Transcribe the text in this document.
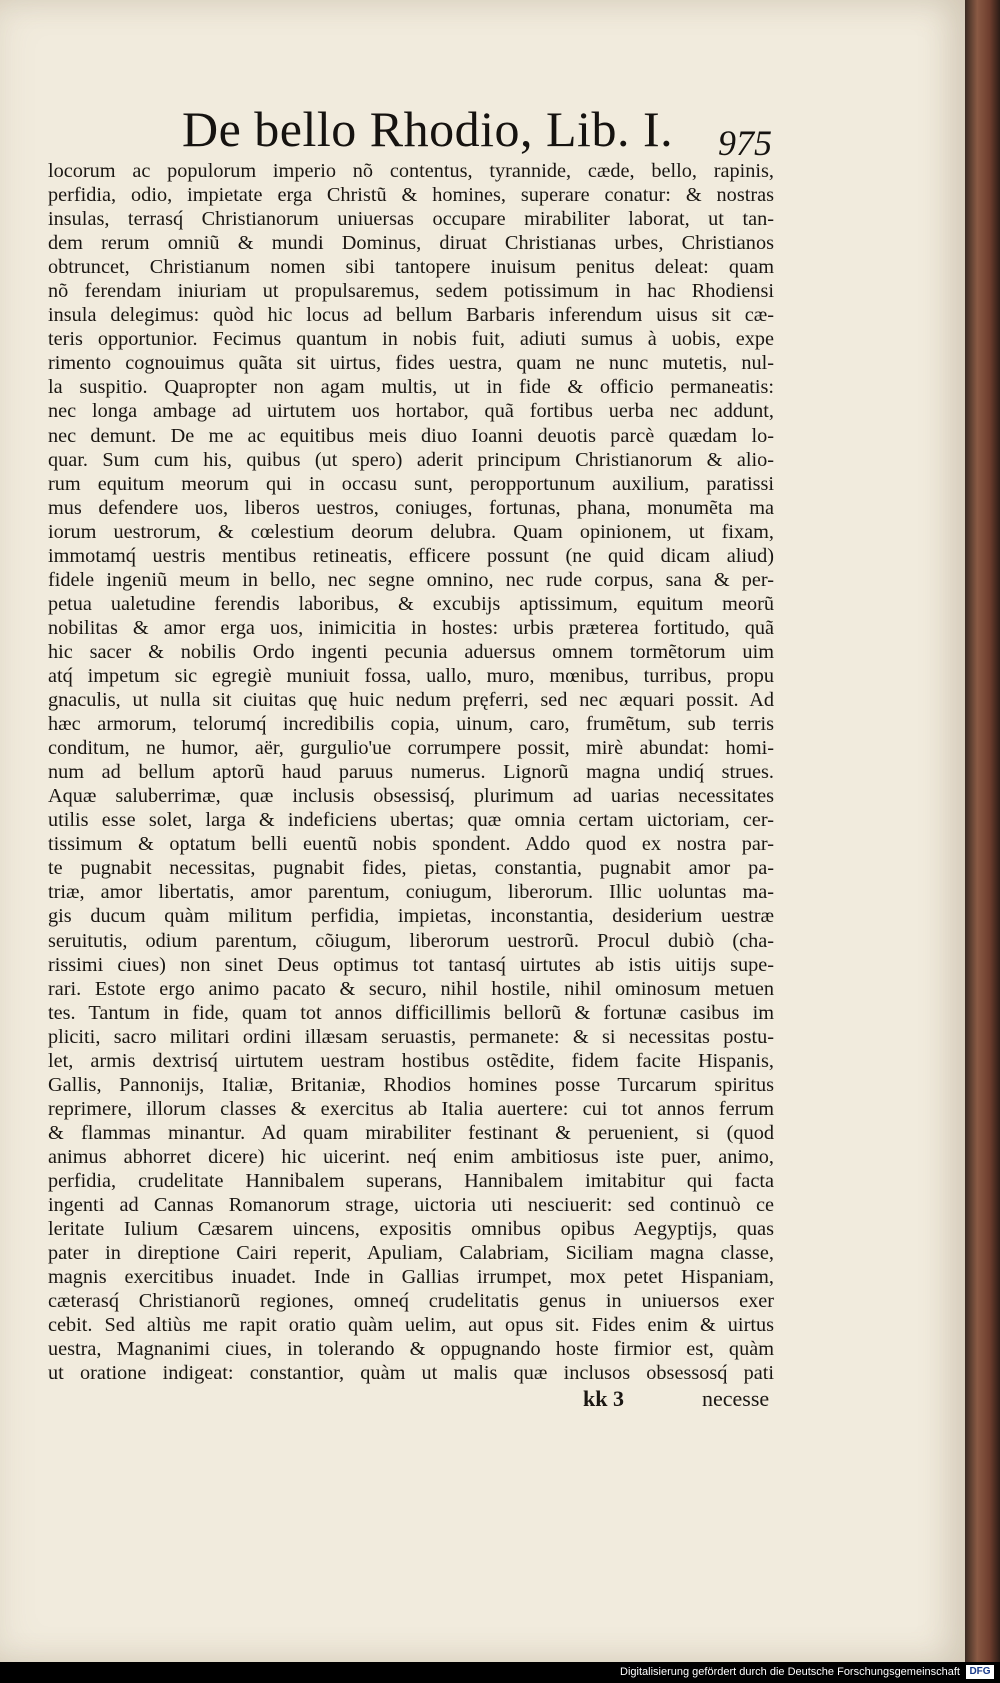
De bello Rhodio, Lib. I. 975
locorum ac populorum imperio nõ contentus, tyrannide, cæde, bello, rapinis,
perfidia, odio, impietate erga Christũ & homines, superare conatur: & nostras
insulas, terrasq́ Christianorum uniuersas occupare mirabiliter laborat, ut tan-
dem rerum omniũ & mundi Dominus, diruat Christianas urbes, Christianos
obtruncet, Christianum nomen sibi tantopere inuisum penitus deleat: quam
nõ ferendam iniuriam ut propulsaremus, sedem potissimum in hac Rhodiensi
insula delegimus: quòd hic locus ad bellum Barbaris inferendum uisus sit cæ-
teris opportunior. Fecimus quantum in nobis fuit, adiuti sumus à uobis, expe
rimento cognouimus quãta sit uirtus, fides uestra, quam ne nunc mutetis, nul-
la suspitio. Quapropter non agam multis, ut in fide & officio permaneatis:
nec longa ambage ad uirtutem uos hortabor, quã fortibus uerba nec addunt,
nec demunt. De me ac equitibus meis diuo Ioanni deuotis parcè quædam lo-
quar. Sum cum his, quibus (ut spero) aderit principum Christianorum & alio-
rum equitum meorum qui in occasu sunt, peropportunum auxilium, paratissi
mus defendere uos, liberos uestros, coniuges, fortunas, phana, monumẽta ma
iorum uestrorum, & cœlestium deorum delubra. Quam opinionem, ut fixam,
immotamq́ uestris mentibus retineatis, efficere possunt (ne quid dicam aliud)
fidele ingeniũ meum in bello, nec segne omnino, nec rude corpus, sana & per-
petua ualetudine ferendis laboribus, & excubijs aptissimum, equitum meorũ
nobilitas & amor erga uos, inimicitia in hostes: urbis præterea fortitudo, quã
hic sacer & nobilis Ordo ingenti pecunia aduersus omnem tormẽtorum uim
atq́ impetum sic egregiè muniuit fossa, uallo, muro, mœnibus, turribus, propu
gnaculis, ut nulla sit ciuitas quę huic nedum pręferri, sed nec æquari possit. Ad
hæc armorum, telorumq́ incredibilis copia, uinum, caro, frumẽtum, sub terris
conditum, ne humor, aër, gurgulio'ue corrumpere possit, mirè abundat: homi-
num ad bellum aptorũ haud paruus numerus. Lignorũ magna undiq́ strues.
Aquæ saluberrimæ, quæ inclusis obsessisq́, plurimum ad uarias necessitates
utilis esse solet, larga & indeficiens ubertas; quæ omnia certam uictoriam, cer-
tissimum & optatum belli euentũ nobis spondent. Addo quod ex nostra par-
te pugnabit necessitas, pugnabit fides, pietas, constantia, pugnabit amor pa-
triæ, amor libertatis, amor parentum, coniugum, liberorum. Illic uoluntas ma-
gis ducum quàm militum perfidia, impietas, inconstantia, desiderium uestræ
seruitutis, odium parentum, cõiugum, liberorum uestrorũ. Procul dubiò (cha-
rissimi ciues) non sinet Deus optimus tot tantasq́ uirtutes ab istis uitijs supe-
rari. Estote ergo animo pacato & securo, nihil hostile, nihil ominosum metuen
tes. Tantum in fide, quam tot annos difficillimis bellorũ & fortunæ casibus im
pliciti, sacro militari ordini illæsam seruastis, permanete: & si necessitas postu-
let, armis dextrisq́ uirtutem uestram hostibus ostẽdite, fidem facite Hispanis,
Gallis, Pannonijs, Italiæ, Britaniæ, Rhodios homines posse Turcarum spiritus
reprimere, illorum classes & exercitus ab Italia auertere: cui tot annos ferrum
& flammas minantur. Ad quam mirabiliter festinant & peruenient, si (quod
animus abhorret dicere) hic uicerint. neq́ enim ambitiosus iste puer, animo,
perfidia, crudelitate Hannibalem superans, Hannibalem imitabitur qui facta
ingenti ad Cannas Romanorum strage, uictoria uti nesciuerit: sed continuò ce
leritate Iulium Cæsarem uincens, expositis omnibus opibus Aegyptijs, quas
pater in direptione Cairi reperit, Apuliam, Calabriam, Siciliam magna classe,
magnis exercitibus inuadet. Inde in Gallias irrumpet, mox petet Hispaniam,
cæterasq́ Christianorũ regiones, omneq́ crudelitatis genus in uniuersos exer
cebit. Sed altiùs me rapit oratio quàm uelim, aut opus sit. Fides enim & uirtus
uestra, Magnanimi ciues, in tolerando & oppugnando hoste firmior est, quàm
ut oratione indigeat: constantior, quàm ut malis quæ inclusos obsessosq́ pati
kk 3	necesse
Digitalisierung gefördert durch die Deutsche Forschungsgemeinschaft DFG
